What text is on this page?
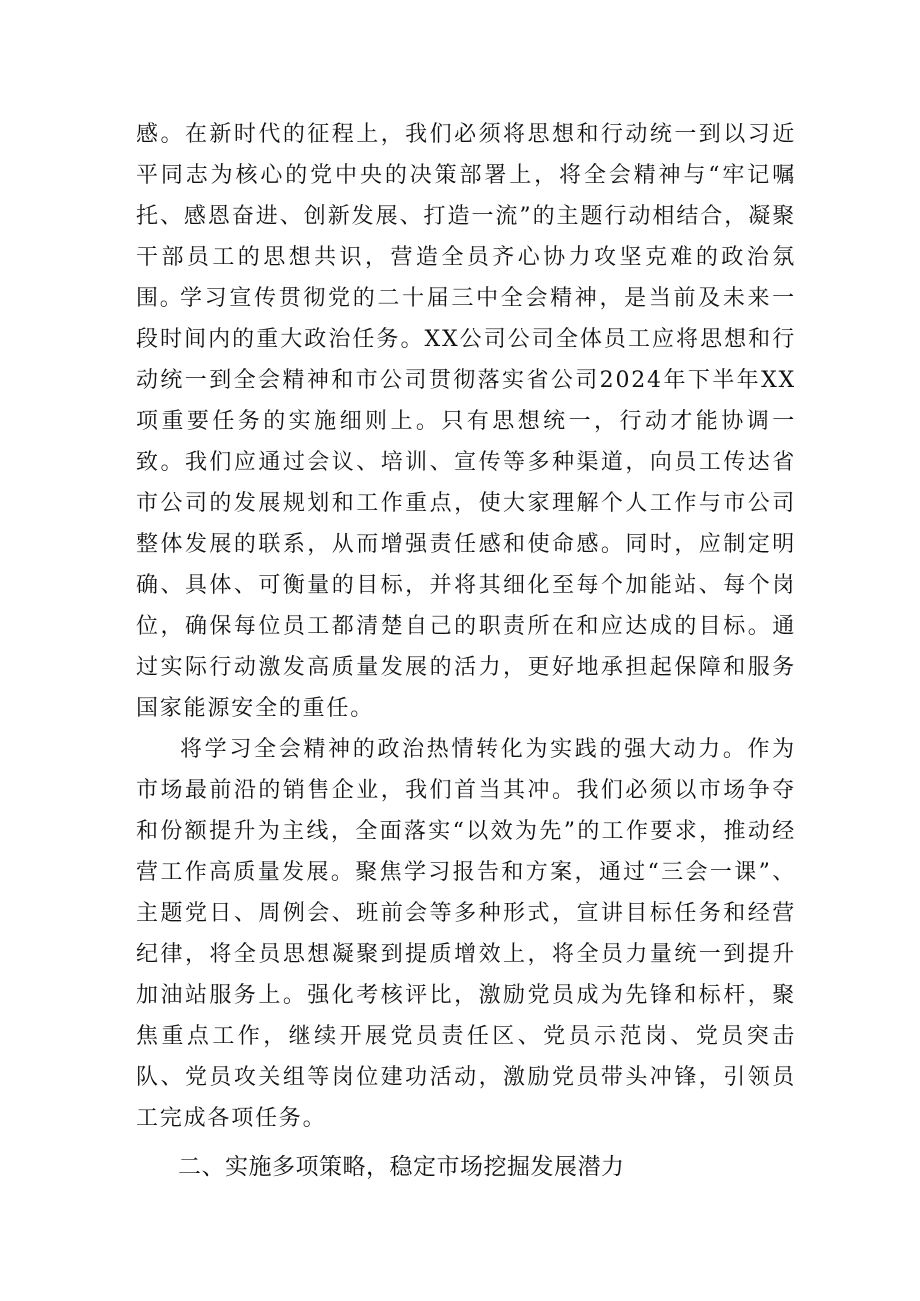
感。在新时代的征程上，我们必须将思想和行动统一到以习近平同志为核心的党中央的决策部署上，将全会精神与“牢记嘱托、感恩奋进、创新发展、打造一流”的主题行动相结合，凝聚干部员工的思想共识，营造全员齐心协力攻坚克难的政治氛围。

学习宣传贯彻党的二十届三中全会精神，是当前及未来一段时间内的重大政治任务。XX公司公司全体员工应将思想和行动统一到全会精神和市公司贯彻落实省公司2024年下半年XX项重要任务的实施细则上。只有思想统一，行动才能协调一致。我们应通过会议、培训、宣传等多种渠道，向员工传达省市公司的发展规划和工作重点，使大家理解个人工作与市公司整体发展的联系，从而增强责任感和使命感。同时，应制定明确、具体、可衡量的目标，并将其细化至每个加能站、每个岗位，确保每位员工都清楚自己的职责所在和应达成的目标。通过实际行动激发高质量发展的活力，更好地承担起保障和服务国家能源安全的重任。

将学习全会精神的政治热情转化为实践的强大动力。作为市场最前沿的销售企业，我们首当其冲。我们必须以市场争夺和份额提升为主线，全面落实“以效为先”的工作要求，推动经营工作高质量发展。聚焦学习报告和方案，通过“三会一课”、主题党日、周例会、班前会等多种形式，宣讲目标任务和经营纪律，将全员思想凝聚到提质增效上，将全员力量统一到提升加油站服务上。强化考核评比，激励党员成为先锋和标杆，聚焦重点工作，继续开展党员责任区、党员示范岗、党员突击队、党员攻关组等岗位建功活动，激励党员带头冲锋，引领员工完成各项任务。

二、实施多项策略，稳定市场挖掘发展潜力
